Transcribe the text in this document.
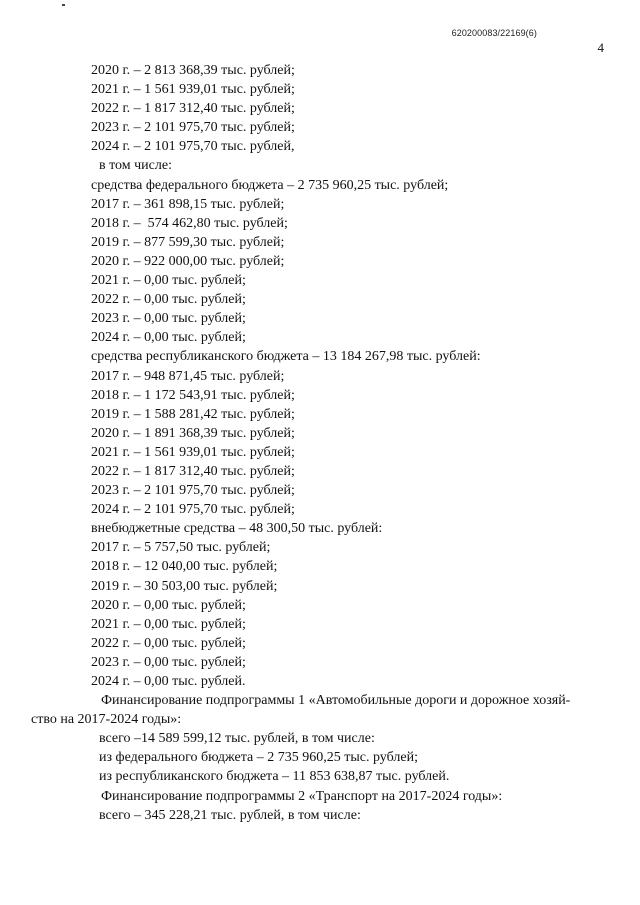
620200083/22169(6)
4
2020 г. – 2 813 368,39 тыс. рублей;
2021 г. – 1 561 939,01 тыс. рублей;
2022 г. – 1 817 312,40 тыс. рублей;
2023 г. – 2 101 975,70 тыс. рублей;
2024 г. – 2 101 975,70 тыс. рублей,
в том числе:
средства федерального бюджета – 2 735 960,25 тыс. рублей;
2017 г. – 361 898,15 тыс. рублей;
2018 г. –  574 462,80 тыс. рублей;
2019 г. – 877 599,30 тыс. рублей;
2020 г. – 922 000,00 тыс. рублей;
2021 г. – 0,00 тыс. рублей;
2022 г. – 0,00 тыс. рублей;
2023 г. – 0,00 тыс. рублей;
2024 г. – 0,00 тыс. рублей;
средства республиканского бюджета – 13 184 267,98 тыс. рублей:
2017 г. – 948 871,45 тыс. рублей;
2018 г. – 1 172 543,91 тыс. рублей;
2019 г. – 1 588 281,42 тыс. рублей;
2020 г. – 1 891 368,39 тыс. рублей;
2021 г. – 1 561 939,01 тыс. рублей;
2022 г. – 1 817 312,40 тыс. рублей;
2023 г. – 2 101 975,70 тыс. рублей;
2024 г. – 2 101 975,70 тыс. рублей;
внебюджетные средства – 48 300,50 тыс. рублей:
2017 г. – 5 757,50 тыс. рублей;
2018 г. – 12 040,00 тыс. рублей;
2019 г. – 30 503,00 тыс. рублей;
2020 г. – 0,00 тыс. рублей;
2021 г. – 0,00 тыс. рублей;
2022 г. – 0,00 тыс. рублей;
2023 г. – 0,00 тыс. рублей;
2024 г. – 0,00 тыс. рублей.
Финансирование подпрограммы 1 «Автомобильные дороги и дорожное хозяй-
ство на 2017-2024 годы»:
всего –14 589 599,12 тыс. рублей, в том числе:
из федерального бюджета – 2 735 960,25 тыс. рублей;
из республиканского бюджета – 11 853 638,87 тыс. рублей.
Финансирование подпрограммы 2 «Транспорт на 2017-2024 годы»:
всего – 345 228,21 тыс. рублей, в том числе:
